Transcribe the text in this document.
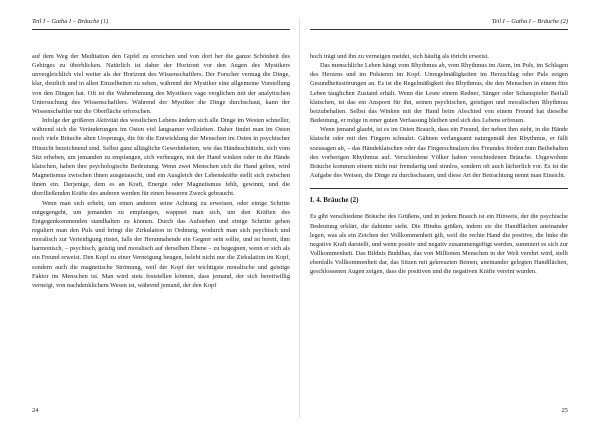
Teil I – Gatha I – Bräuche (1)

auf dem Weg der Meditation den Gipfel zu erreichen und von dort her die ganze Schönheit des Gebirges zu überblicken. Natürlich ist daher der Horizont vor den Augen des Mystikers unvergleichlich viel weiter als der Horizont des Wissenschaftlers. Der Forscher vermag die Dinge, klar, deutlich und in allen Einzelheiten zu sehen, während der Mystiker eine allgemeine Vorstellung von den Dingen hat. Oft ist die Wahrnehmung des Mystikers vage verglichen mit der analytischen Untersuchung des Wissenschaftlers. Während der Mystiker die Dinge durchschaut, kann der Wissenschaftler nur die Oberfläche erforschen.

Infolge der größeren Aktivität des westlichen Lebens ändern sich alle Dinge im Westen schneller, während sich die Veränderungen im Osten viel langsamer vollziehen. Daher findet man im Osten noch viele Bräuche alten Ursprungs, die für die Entwicklung der Menschen im Osten in psychischer Hinsicht bezeichnend sind. Selbst ganz alltägliche Gewohnheiten, wie das Händeschütteln, sich vom Sitz erheben, um jemanden zu empfangen, sich verbeugen, mit der Hand winken oder in die Hände klatschen, haben ihre psychologische Bedeutung. Wenn zwei Menschen sich die Hand geben, wird Magnetismus zwischen ihnen ausgetauscht, und ein Ausgleich der Lebenskräfte stellt sich zwischen ihnen ein. Derjenige, dem es an Kraft, Energie oder Magnetismus fehlt, gewinnt, und die überfließenden Kräfte des anderen werden für einen besseren Zweck gebraucht.

Wenn man sich erhebt, um einen anderen seine Achtung zu erweisen, oder einige Schritte entgegengeht, um jemanden zu empfangen, wappnet man sich, um den Kräften des Entgegenkommenden standhalten zu können. Durch das Aufstehen und einige Schritte gehen reguliert man den Puls und bringt die Zirkulation in Ordnung, wodurch man sich psychisch und moralisch zur Verteidigung rüstet, falls der Herannahende ein Gegner sein sollte, und ist bereit, ihm harmonisch, – psychisch, geistig und moralisch auf derselben Ebene – zu begegnen, wenn er sich als ein Freund erweist. Den Kopf zu einer Verneigung beugen, belebt nicht nur die Zirkulation im Kopf, sondern auch die magnetische Strömung, weil der Kopf der wichtigste moralische und geistige Faktor im Menschen ist. Man wird stets feststellen können, dass jemand, der sich bereitwillig verneigt, von nachdenklichem Wesen ist, während jemand, der den Kopf

24
Teil I – Gatha I – Bräuche (2)

hoch trägt und ihn zu verneigen meidet, sich häufig als töricht erweist.

Das menschliche Leben hängt vom Rhythmus ab, vom Rhythmus im Atem, im Puls, im Schlagen des Herzens und im Pulsieren im Kopf. Unregelmäßigkeiten im Herzschlag oder Puls zeigen Gesundheitsstörungen an. Es ist die Regelmäßigkeit des Rhythmus, die den Menschen in einem fürs Leben tauglichen Zustand erhält. Wenn die Leute einem Redner, Sänger oder Schauspieler Beifall klatschen, ist das ein Ansporn für ihn, seinen psychischen, geistigen und moralischen Rhythmus beizubehalten. Selbst das Winken mit der Hand beim Abschied von einem Freund hat dieselbe Bedeutung, er möge in einer guten Verfassung bleiben und sich des Lebens erfreuen.

Wenn jemand glaubt, ist es im Osten Brauch, dass ein Freund, der neben ihm steht, in die Hände klatscht oder mit den Fingern schnalzt. Gähnen verlangsamt naturgemäß den Rhythmus, er fällt sozusagen ab, – das Händeklatschen oder das Fingerschnalzen des Freundes fördert zum Beibehalten des vorherigen Rhythmus auf. Verschiedene Völker haben verschiedenen Bräuche. Ungewohnte Bräuche kommen einem nicht nur fremdartig und sinnlos, sondern oft auch lächerlich vor. Es ist die Aufgabe des Weisen, die Dinge zu durchschauen, und diese Art der Betrachtung nennt man Einsicht.

I. 4. Bräuche (2)

Es gibt verschiedene Bräuche des Grüßens, und in jedem Brauch ist ein Hinweis, der die psychische Bedeutung erklärt, die dahinter steht. Die Hindus grüßen, indem sie die Handflächen aneinander legen, was als ein Zeichen der Vollkommenheit gilt, weil die rechte Hand die positive, die linke die negative Kraft darstellt, und wenn positiv und negativ zusammengefügt werden, summiert es sich zur Vollkommenheit. Das Bildnis Buddhas, das von Millionen Menschen in der Welt verehrt wird, stellt ebenfalls Vollkommenheit dar, das Sitzen mit gekreuzten Beinen, aneinander gelegten Handflächen, geschlossenen Augen zeigen, dass die positiven und die negativen Kräfte vereint wurden.

25
